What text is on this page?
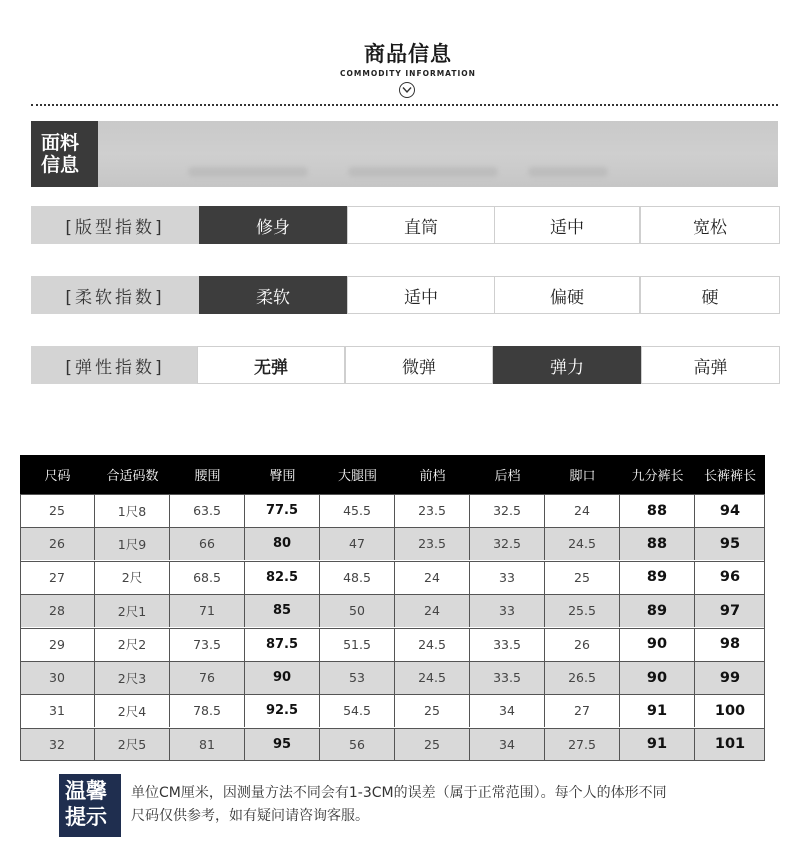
商品信息
COMMODITY INFORMATION
面料
信息
[版型指数]	修身	直筒	适中	宽松
[柔软指数]	柔软	适中	偏硬	硬
[弹性指数]	无弹	微弹	弹力	高弹
尺码	合适码数	腰围	臀围	大腿围	前档	后档	脚口	九分裤长	长裤裤长
25	1尺8	63.5	77.5	45.5	23.5	32.5	24	88	94
26	1尺9	66	80	47	23.5	32.5	24.5	88	95
27	2尺	68.5	82.5	48.5	24	33	25	89	96
28	2尺1	71	85	50	24	33	25.5	89	97
29	2尺2	73.5	87.5	51.5	24.5	33.5	26	90	98
30	2尺3	76	90	53	24.5	33.5	26.5	90	99
31	2尺4	78.5	92.5	54.5	25	34	27	91	100
32	2尺5	81	95	56	25	34	27.5	91	101
温馨
提示
单位CM厘米，因测量方法不同会有1-3CM的误差（属于正常范围）。每个人的体形不同
尺码仅供参考，如有疑问请咨询客服。
